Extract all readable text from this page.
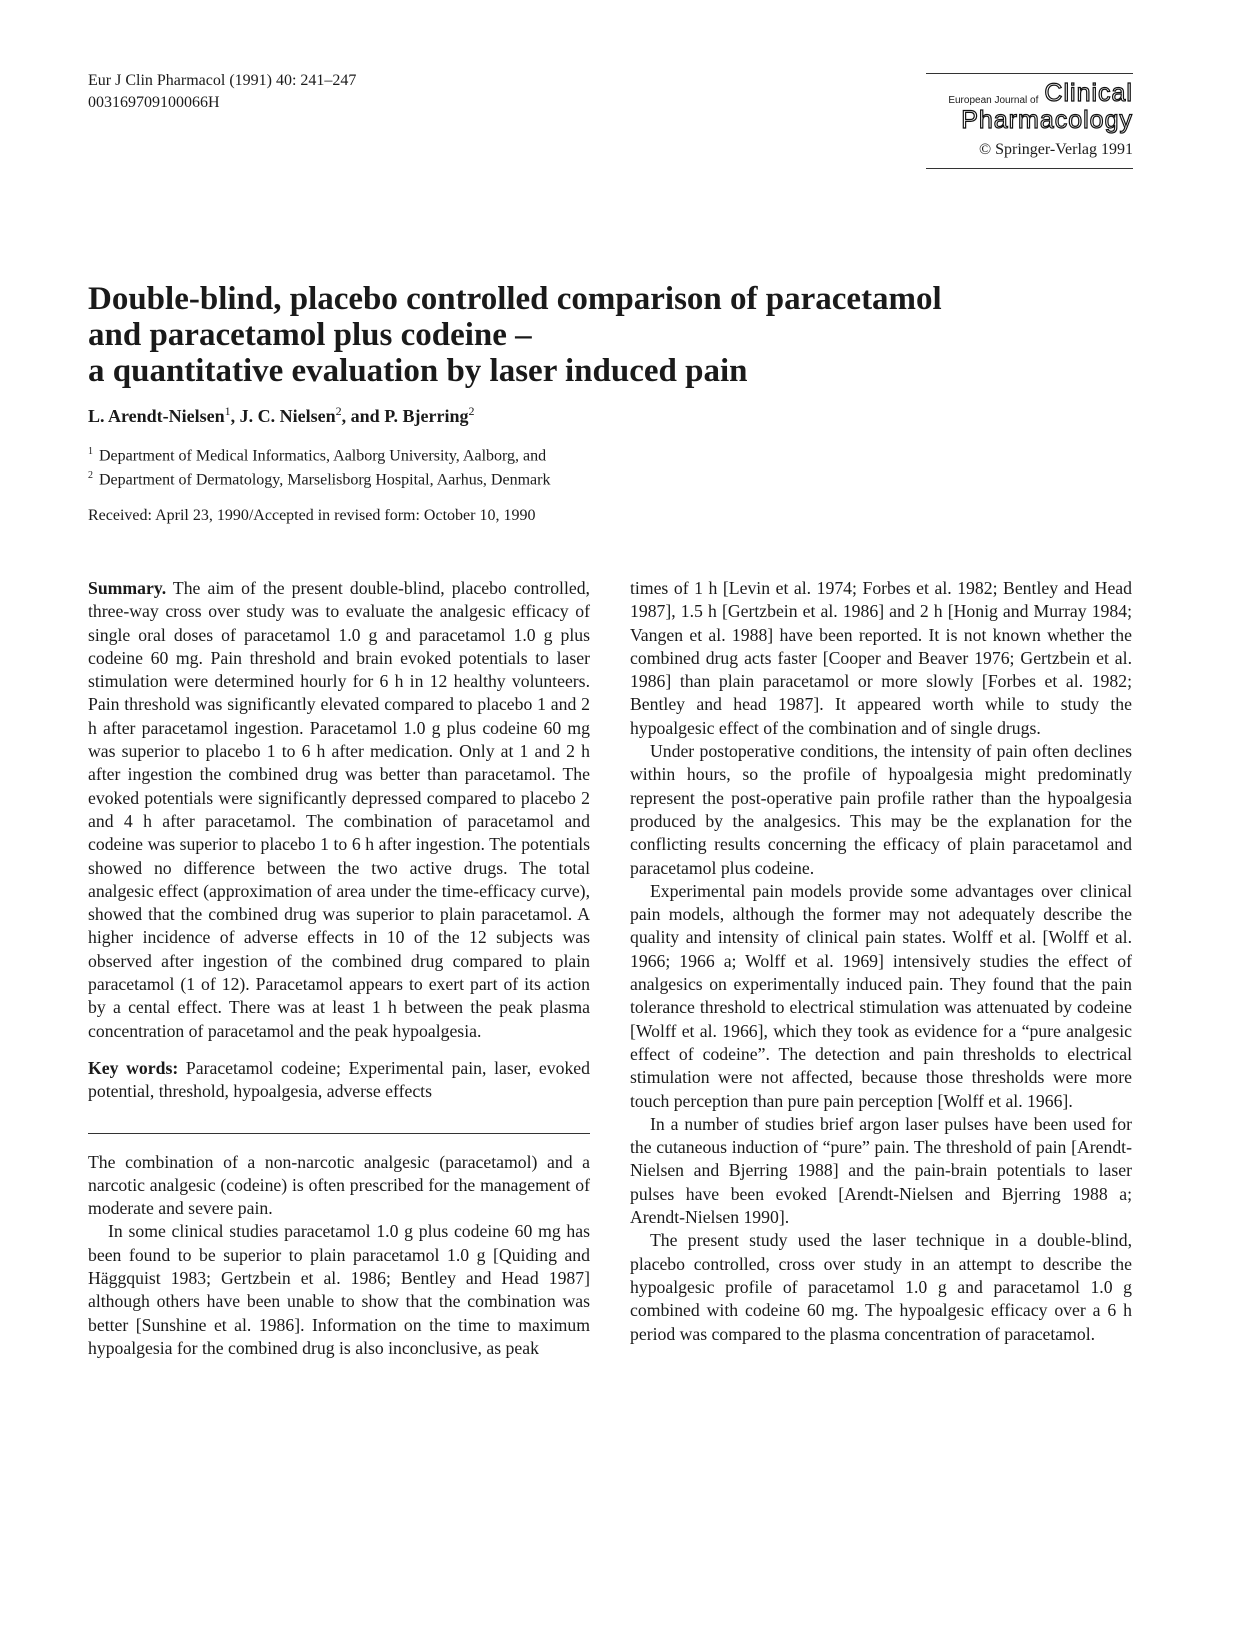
Eur J Clin Pharmacol (1991) 40: 241–247
003169709100066H	European Journal of Clinical
Pharmacology
© Springer-Verlag 1991
Double-blind, placebo controlled comparison of paracetamol
and paracetamol plus codeine –
a quantitative evaluation by laser induced pain
L. Arendt-Nielsen$^1$, J. C. Nielsen$^2$, and P. Bjerring$^2$
$^1$ Department of Medical Informatics, Aalborg University, Aalborg, and
$^2$ Department of Dermatology, Marselisborg Hospital, Aarhus, Denmark
Received: April 23, 1990/Accepted in revised form: October 10, 1990

Summary. The aim of the present double-blind, placebo controlled, three-way cross over study was to evaluate the analgesic efficacy of single oral doses of paracetamol 1.0 g and paracetamol 1.0 g plus codeine 60 mg. Pain threshold and brain evoked potentials to laser stimulation were determined hourly for 6 h in 12 healthy volunteers. Pain threshold was significantly elevated compared to placebo 1 and 2 h after paracetamol ingestion. Paracetamol 1.0 g plus codeine 60 mg was superior to placebo 1 to 6 h after medication. Only at 1 and 2 h after ingestion the combined drug was better than paracetamol. The evoked potentials were significantly depressed compared to placebo 2 and 4 h after paracetamol. The combination of paracetamol and codeine was superior to placebo 1 to 6 h after ingestion. The potentials showed no difference between the two active drugs. The total analgesic effect (approximation of area under the time-efficacy curve), showed that the combined drug was superior to plain paracetamol. A higher incidence of adverse effects in 10 of the 12 subjects was observed after ingestion of the combined drug compared to plain paracetamol (1 of 12). Paracetamol appears to exert part of its action by a cental effect. There was at least 1 h between the peak plasma concentration of paracetamol and the peak hypoalgesia.

Key words: Paracetamol codeine; Experimental pain, laser, evoked potential, threshold, hypoalgesia, adverse effects

The combination of a non-narcotic analgesic (paracetamol) and a narcotic analgesic (codeine) is often prescribed for the management of moderate and severe pain.

In some clinical studies paracetamol 1.0 g plus codeine 60 mg has been found to be superior to plain paracetamol 1.0 g [Quiding and Häggquist 1983; Gertzbein et al. 1986; Bentley and Head 1987] although others have been unable to show that the combination was better [Sunshine et al. 1986]. Information on the time to maximum hypoalgesia for the combined drug is also inconclusive, as peak

times of 1 h [Levin et al. 1974; Forbes et al. 1982; Bentley and Head 1987], 1.5 h [Gertzbein et al. 1986] and 2 h [Honig and Murray 1984; Vangen et al. 1988] have been reported. It is not known whether the combined drug acts faster [Cooper and Beaver 1976; Gertzbein et al. 1986] than plain paracetamol or more slowly [Forbes et al. 1982; Bentley and head 1987]. It appeared worth while to study the hypoalgesic effect of the combination and of single drugs.

Under postoperative conditions, the intensity of pain often declines within hours, so the profile of hypoalgesia might predominatly represent the post-operative pain profile rather than the hypoalgesia produced by the analgesics. This may be the explanation for the conflicting results concerning the efficacy of plain paracetamol and paracetamol plus codeine.

Experimental pain models provide some advantages over clinical pain models, although the former may not adequately describe the quality and intensity of clinical pain states. Wolff et al. [Wolff et al. 1966; 1966 a; Wolff et al. 1969] intensively studies the effect of analgesics on experimentally induced pain. They found that the pain tolerance threshold to electrical stimulation was attenuated by codeine [Wolff et al. 1966], which they took as evidence for a “pure analgesic effect of codeine”. The detection and pain thresholds to electrical stimulation were not affected, because those thresholds were more touch perception than pure pain perception [Wolff et al. 1966].

In a number of studies brief argon laser pulses have been used for the cutaneous induction of “pure” pain. The threshold of pain [Arendt-Nielsen and Bjerring 1988] and the pain-brain potentials to laser pulses have been evoked [Arendt-Nielsen and Bjerring 1988 a; Arendt-Nielsen 1990].

The present study used the laser technique in a double-blind, placebo controlled, cross over study in an attempt to describe the hypoalgesic profile of paracetamol 1.0 g and paracetamol 1.0 g combined with codeine 60 mg. The hypoalgesic efficacy over a 6 h period was compared to the plasma concentration of paracetamol.
